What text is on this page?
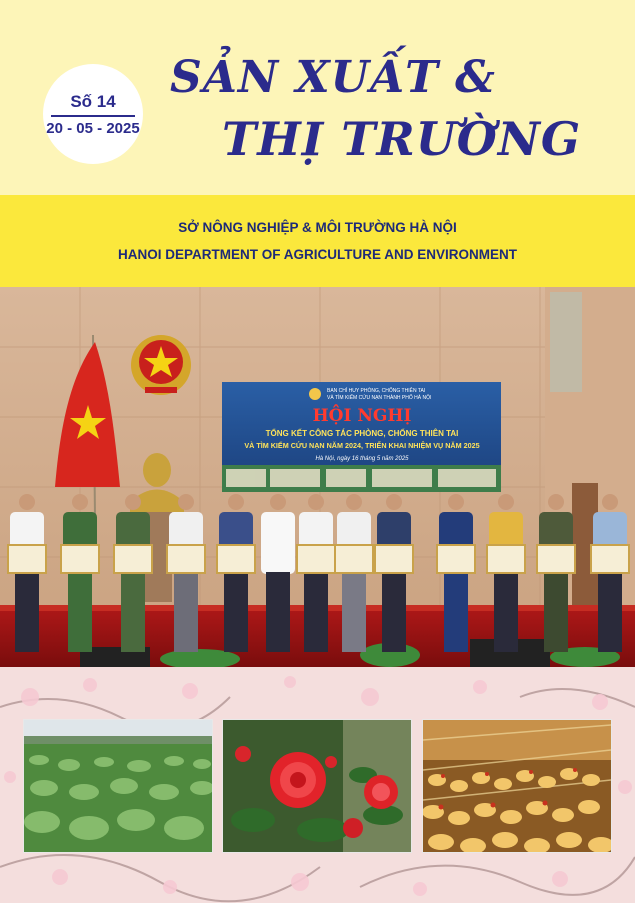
Số 14
20 - 05 - 2025
SẢN XUẤT &
THỊ TRƯỜNG
SỞ NÔNG NGHIỆP & MÔI TRƯỜNG HÀ NỘI
HANOI DEPARTMENT OF AGRICULTURE AND ENVIRONMENT
BAN CHỈ HUY PHÒNG, CHỐNG THIÊN TAI
VÀ TÌM KIẾM CỨU NẠN THÀNH PHỐ HÀ NỘI
HỘI NGHỊ
TỔNG KẾT CÔNG TÁC PHÒNG, CHỐNG THIÊN TAI
VÀ TÌM KIẾM CỨU NẠN NĂM 2024, TRIỂN KHAI NHIỆM VỤ NĂM 2025
Hà Nội, ngày 16 tháng 5 năm 2025
